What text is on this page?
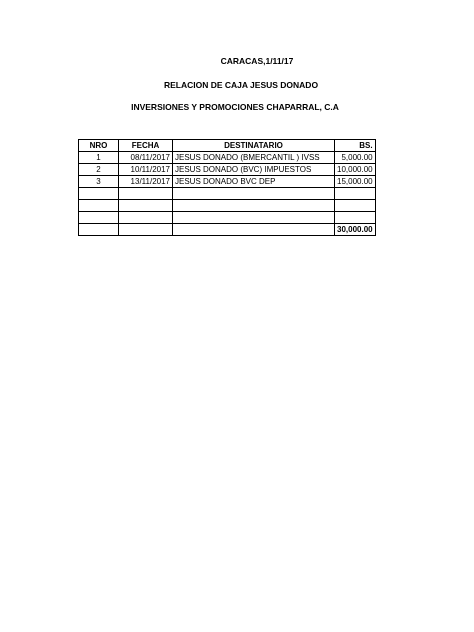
CARACAS,1/11/17
RELACION DE CAJA JESUS DONADO
INVERSIONES Y PROMOCIONES CHAPARRAL, C.A
NRO	FECHA	DESTINATARIO	BS.
1	08/11/2017	JESUS DONADO (BMERCANTIL ) IVSS	5,000.00
2	10/11/2017	JESUS DONADO (BVC) IMPUESTOS	10,000.00
3	13/11/2017	JESUS DONADO BVC DEP	15,000.00

			30,000.00
